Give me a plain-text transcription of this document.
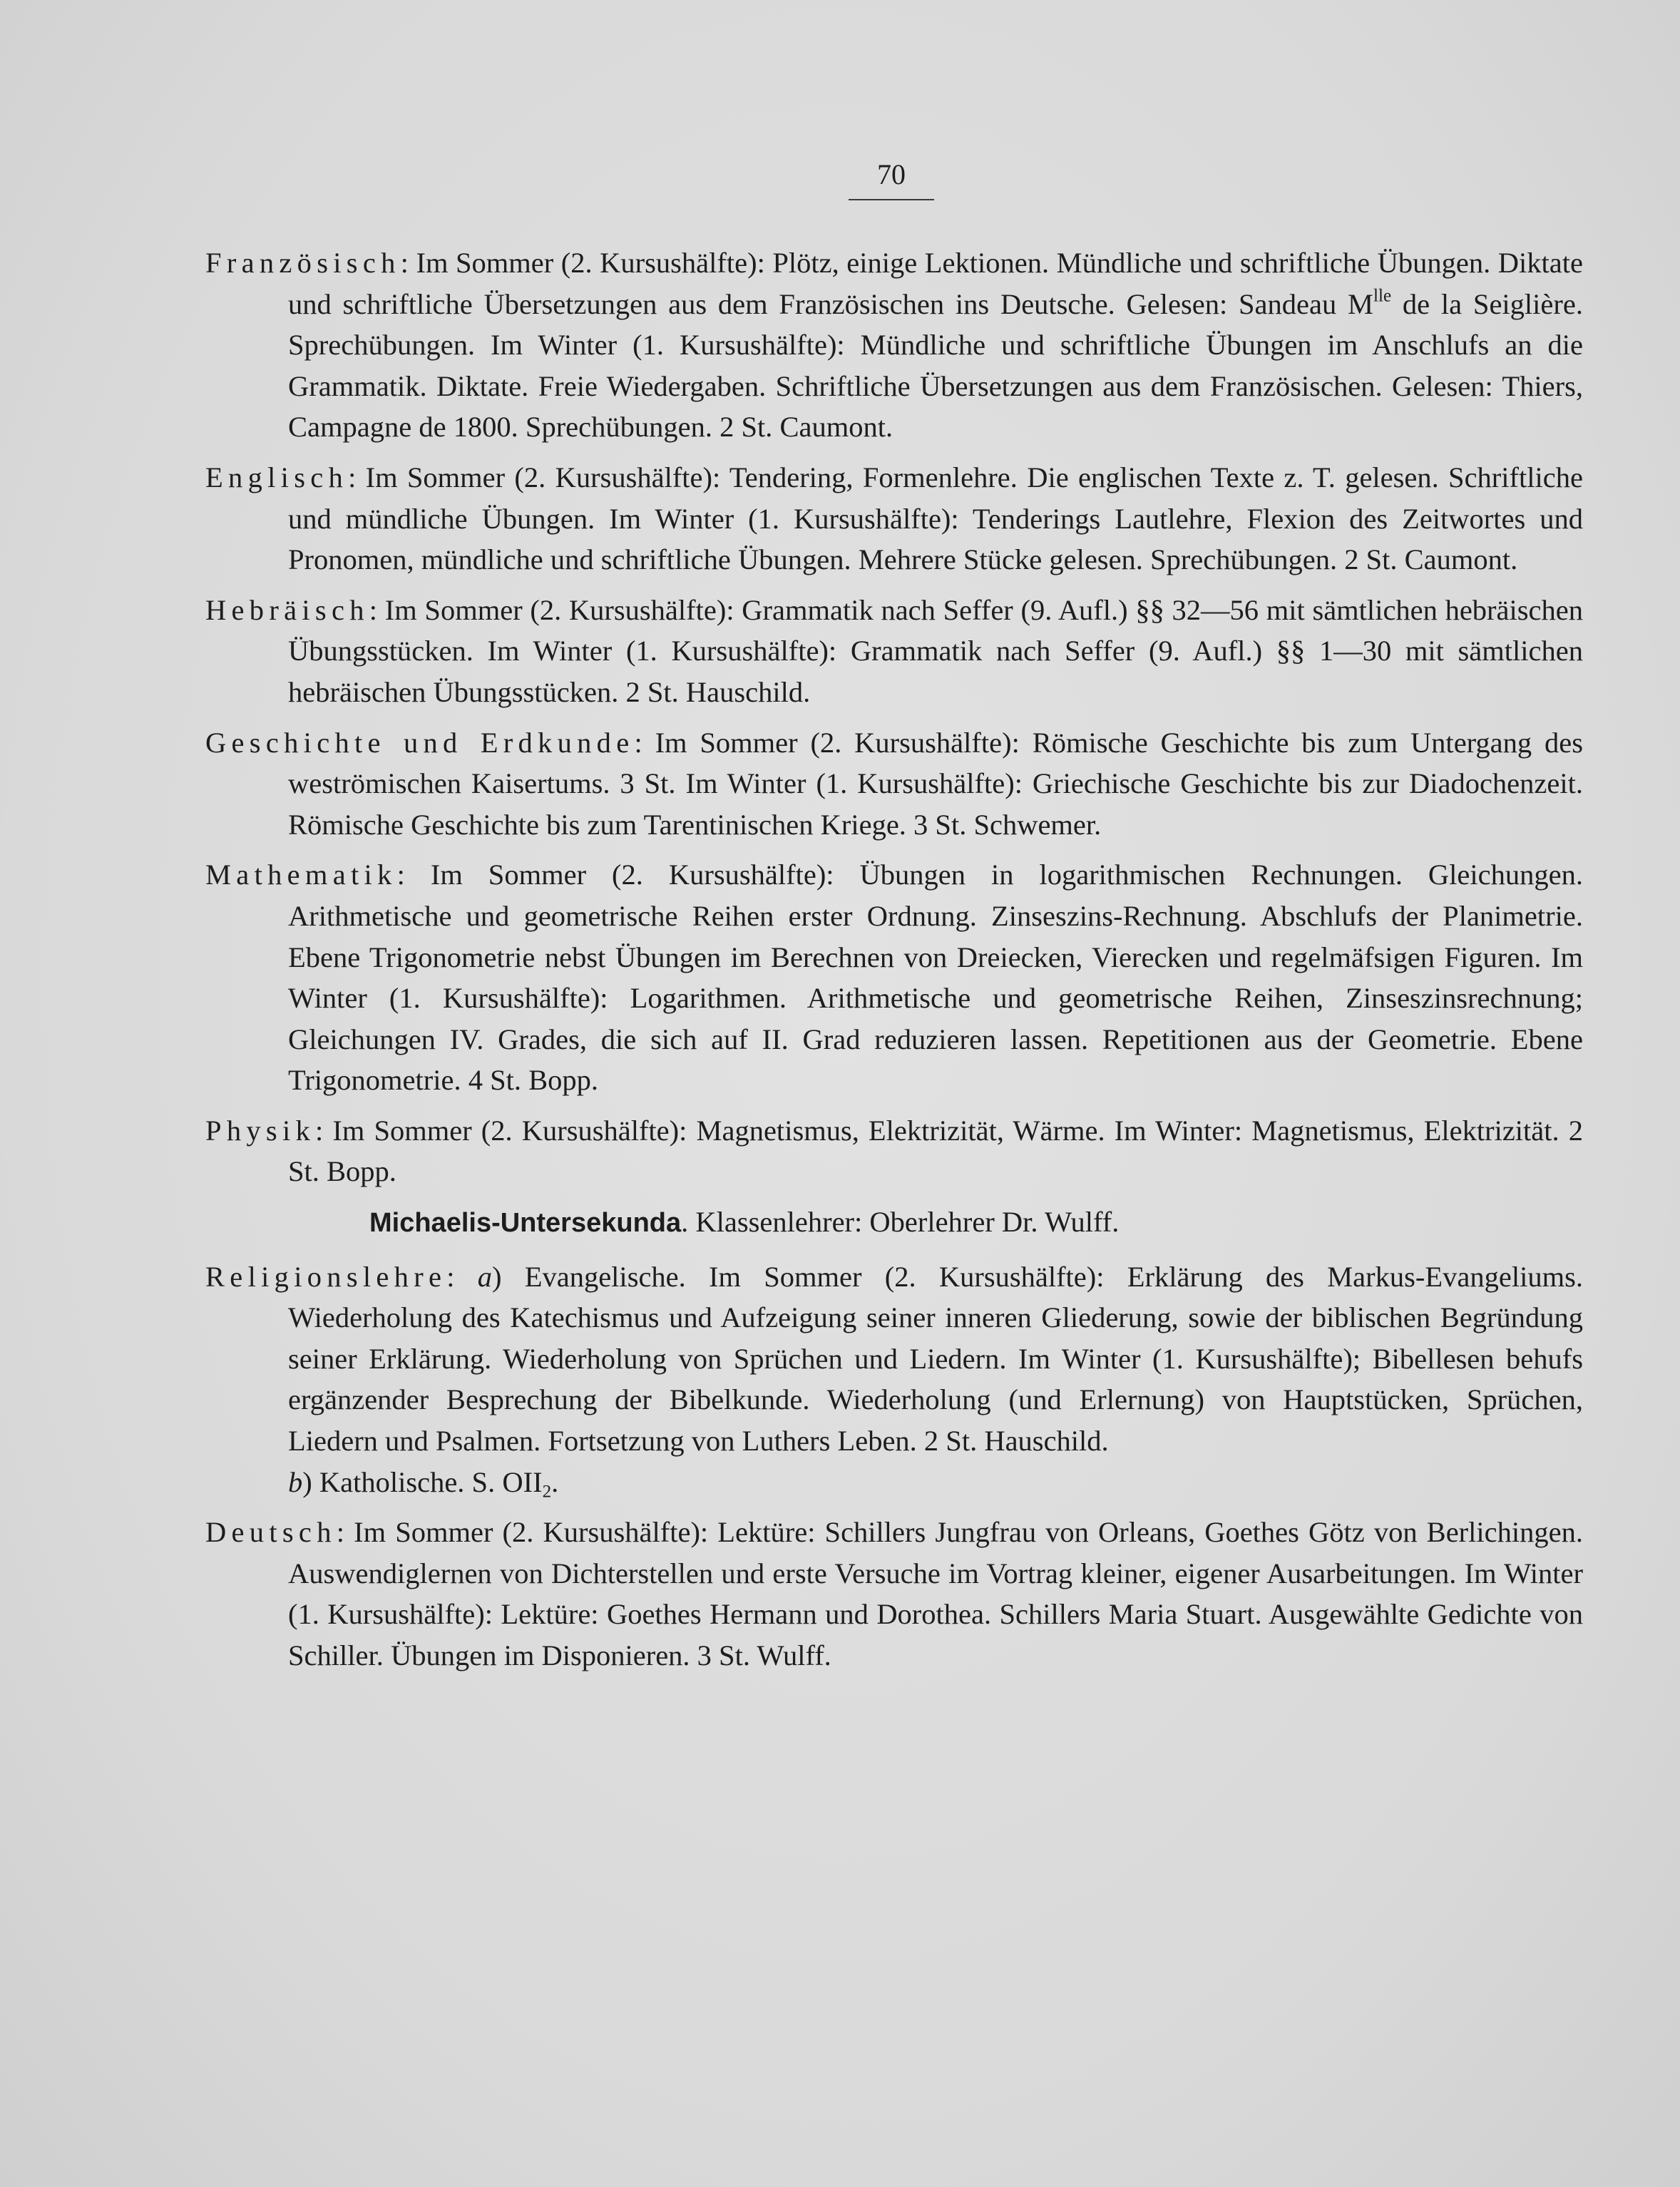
70

Französisch: Im Sommer (2. Kursushälfte): Plötz, einige Lektionen. Mündliche und schriftliche Übungen. Diktate und schriftliche Übersetzungen aus dem Französischen ins Deutsche. Gelesen: Sandeau $M^{lle}$ de la Seiglière. Sprechübungen. Im Winter (1. Kursushälfte): Mündliche und schriftliche Übungen im Anschlufs an die Grammatik. Diktate. Freie Wiedergaben. Schriftliche Übersetzungen aus dem Französischen. Gelesen: Thiers, Campagne de 1800. Sprechübungen. 2 St. Caumont.

Englisch: Im Sommer (2. Kursushälfte): Tendering, Formenlehre. Die englischen Texte z. T. gelesen. Schriftliche und mündliche Übungen. Im Winter (1. Kursushälfte): Tenderings Lautlehre, Flexion des Zeitwortes und Pronomen, mündliche und schriftliche Übungen. Mehrere Stücke gelesen. Sprechübungen. 2 St. Caumont.

Hebräisch: Im Sommer (2. Kursushälfte): Grammatik nach Seffer (9. Aufl.) §§ 32—56 mit sämtlichen hebräischen Übungsstücken. Im Winter (1. Kursushälfte): Grammatik nach Seffer (9. Aufl.) §§ 1—30 mit sämtlichen hebräischen Übungsstücken. 2 St. Hauschild.

Geschichte und Erdkunde: Im Sommer (2. Kursushälfte): Römische Geschichte bis zum Untergang des weströmischen Kaisertums. 3 St. Im Winter (1. Kursushälfte): Griechische Geschichte bis zur Diadochenzeit. Römische Geschichte bis zum Tarentinischen Kriege. 3 St. Schwemer.

Mathematik: Im Sommer (2. Kursushälfte): Übungen in logarithmischen Rechnungen. Gleichungen. Arithmetische und geometrische Reihen erster Ordnung. Zinseszins-Rechnung. Abschlufs der Planimetrie. Ebene Trigonometrie nebst Übungen im Berechnen von Dreiecken, Vierecken und regelmäfsigen Figuren. Im Winter (1. Kursushälfte): Logarithmen. Arithmetische und geometrische Reihen, Zinseszinsrechnung; Gleichungen IV. Grades, die sich auf II. Grad reduzieren lassen. Repetitionen aus der Geometrie. Ebene Trigonometrie. 4 St. Bopp.

Physik: Im Sommer (2. Kursushälfte): Magnetismus, Elektrizität, Wärme. Im Winter: Magnetismus, Elektrizität. 2 St. Bopp.

Michaelis-Untersekunda. Klassenlehrer: Oberlehrer Dr. Wulff.

Religionslehre: a) Evangelische. Im Sommer (2. Kursushälfte): Erklärung des Markus-Evangeliums. Wiederholung des Katechismus und Aufzeigung seiner inneren Gliederung, sowie der biblischen Begründung seiner Erklärung. Wiederholung von Sprüchen und Liedern. Im Winter (1. Kursushälfte); Bibellesen behufs ergänzender Besprechung der Bibelkunde. Wiederholung (und Erlernung) von Hauptstücken, Sprüchen, Liedern und Psalmen. Fortsetzung von Luthers Leben. 2 St. Hauschild.
b) Katholische. S. $OII_2$.

Deutsch: Im Sommer (2. Kursushälfte): Lektüre: Schillers Jungfrau von Orleans, Goethes Götz von Berlichingen. Auswendiglernen von Dichterstellen und erste Versuche im Vortrag kleiner, eigener Ausarbeitungen. Im Winter (1. Kursushälfte): Lektüre: Goethes Hermann und Dorothea. Schillers Maria Stuart. Ausgewählte Gedichte von Schiller. Übungen im Disponieren. 3 St. Wulff.
